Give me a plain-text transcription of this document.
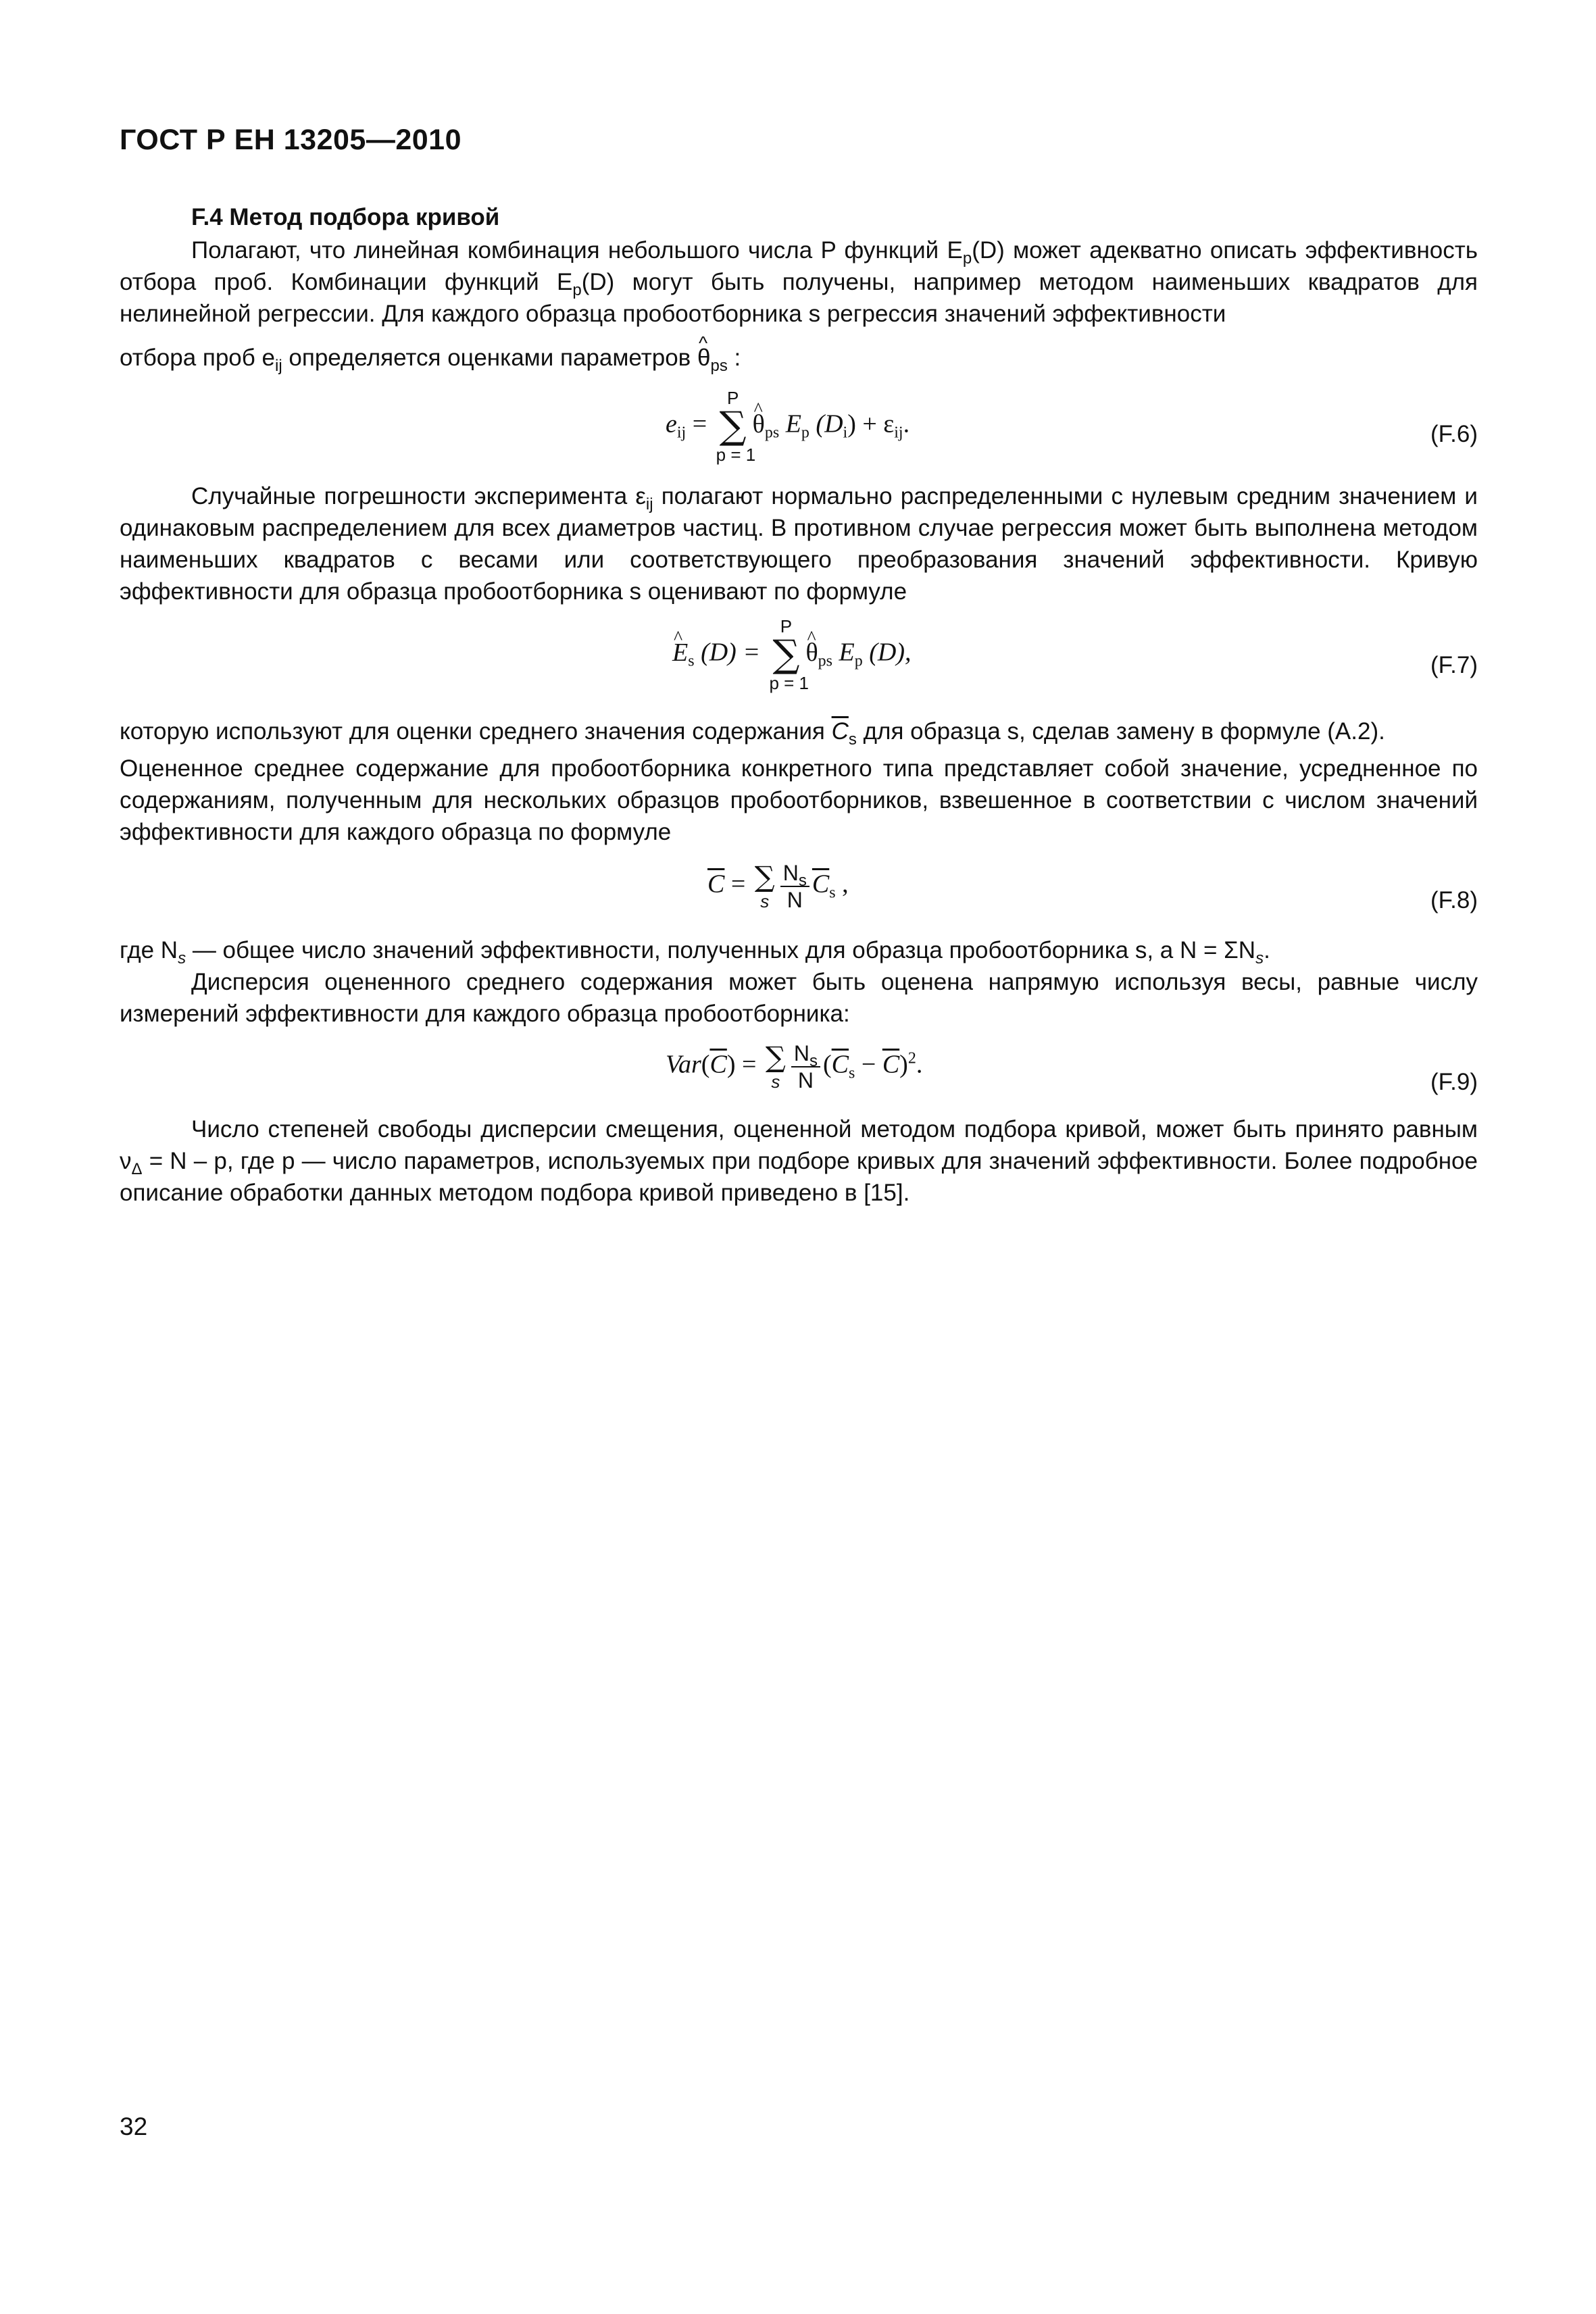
ГОСТ Р ЕН 13205—2010
F.4 Метод подбора кривой

Полагают, что линейная комбинация небольшого числа P функций $E_p(D)$ может адекватно описать эффективность отбора проб. Комбинации функций $E_p(D)$ могут быть получены, например методом наименьших квадратов для нелинейной регрессии. Для каждого образца пробоотборника s регрессия значений эффективности

отбора проб $e_{ij}$ определяется оценками параметров ^ $\theta_{ps}$ :

$e_{ij}$ =
P
∑
p = 1
^ $\theta_{ps}$ $E_p$ $(D_i) + \varepsilon_{ij}$.	(F.6)

Случайные погрешности эксперимента $\varepsilon_{ij}$ полагают нормально распределенными с нулевым средним значением и одинаковым распределением для всех диаметров частиц. В противном случае регрессия может быть выполнена методом наименьших квадратов с весами или соответствующего преобразования значений эффективности. Кривую эффективности для образца пробоотборника s оценивают по формуле

^ $E_s$ (D) =
P
∑
p = 1
^ $\theta_{ps}$ $E_p$ (D),	(F.7)

которую используют для оценки среднего значения содержания $\overline{C}_s$ для образца s, сделав замену в формуле (А.2).

Оцененное среднее содержание для пробоотборника конкретного типа представляет собой значение, усредненное по содержаниям, полученным для нескольких образцов пробоотборников, взвешенное в соответствии с числом значений эффективности для каждого образца по формуле

$\overline{C}$ = ∑
s $\frac{N_s}{N} \overline{C}_s$ ,
(F.8)

где $N_s$ — общее число значений эффективности, полученных для образца пробоотборника s, а $N = \Sigma N_s$.

Дисперсия оцененного среднего содержания может быть оценена напрямую используя весы, равные числу измерений эффективности для каждого образца пробоотборника:

$Var(\overline{C})$ = ∑
s $\frac{N_s}{N} (\overline{C}_s - \overline{C})^2$.
(F.9)

Число степеней свободы дисперсии смещения, оцененной методом подбора кривой, может быть принято равным $\nu_\Delta = N - p$, где p — число параметров, используемых при подборе кривых для значений эффективности. Более подробное описание обработки данных методом подбора кривой приведено в [15].

32
